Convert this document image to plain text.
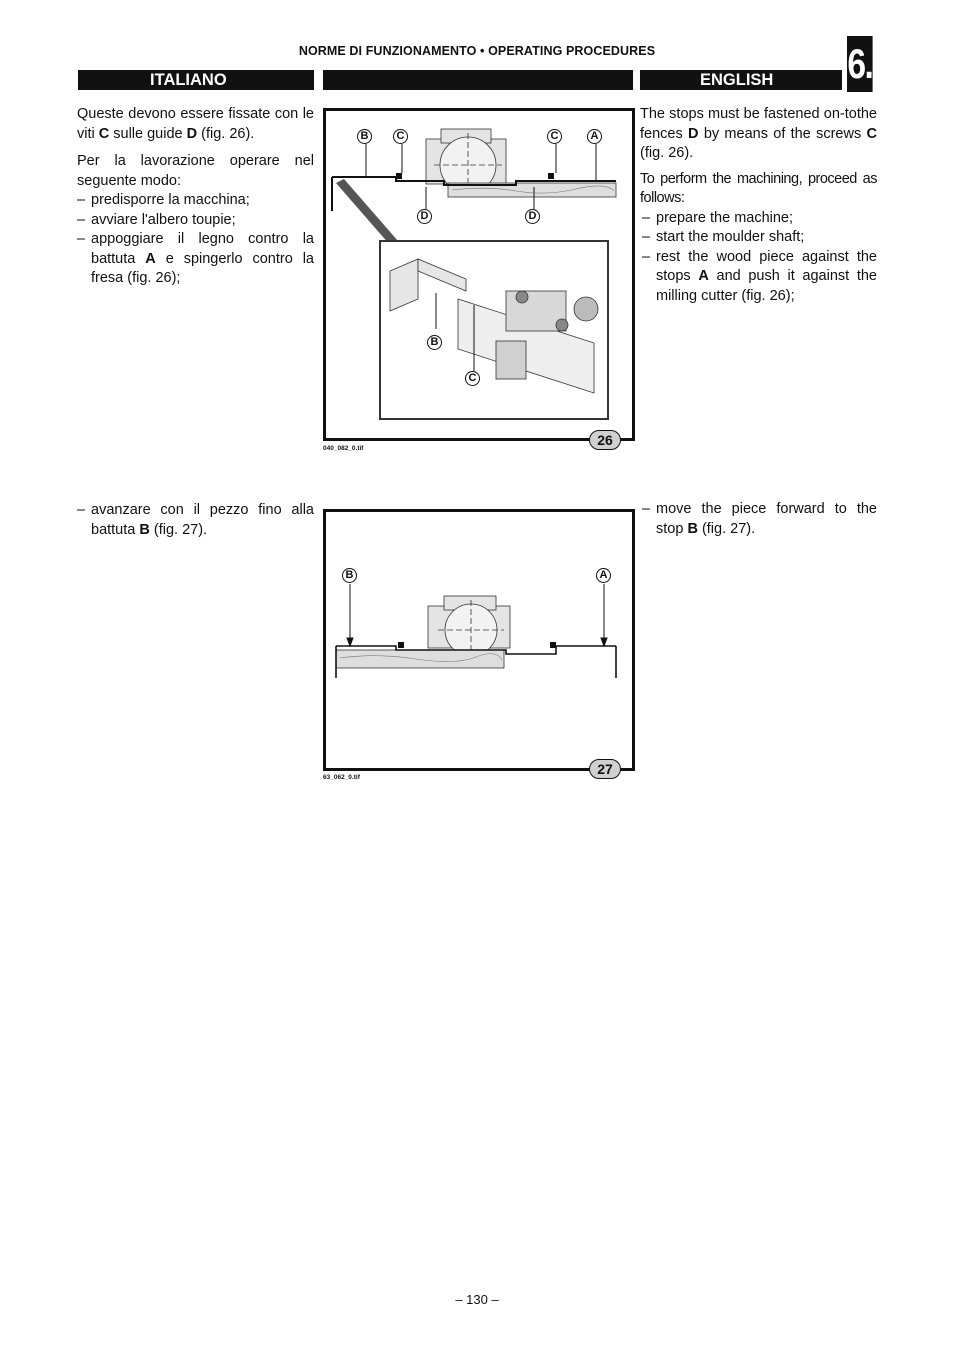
NORME DI FUNZIONAMENTO • OPERATING PROCEDURES	6.
ITALIANO	ENGLISH

Queste devono essere fissate con le viti C sulle guide D (fig. 26).

Per la lavorazione operare nel seguente modo:

– predisporre la macchina;
– avviare l'albero toupie;
– appoggiare il legno contro la battuta A e spingerlo contro la fresa (fig. 26);

The stops must be fastened on-tothe fences D by means of the screws C (fig. 26).

To perform the machining, proceed as follows:

– prepare the machine;
– start the moulder shaft;
– rest the wood piece against the stops A and push it against the milling cutter (fig. 26);
B	C	C	A
D	D
B
C
26
040_082_0.tif
– avanzare con il pezzo fino alla battuta B (fig. 27).
– move the piece forward to the stop B (fig. 27).
B	A
27
63_062_0.tif
– 130 –
